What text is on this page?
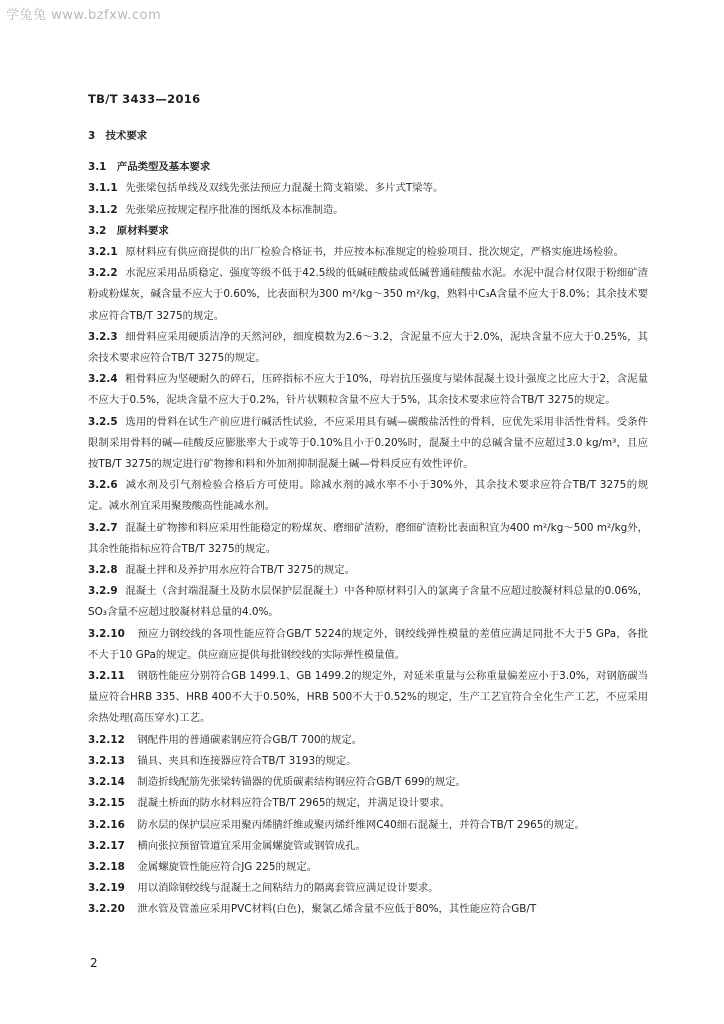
学兔兔 www.bzfxw.com
TB/T 3433—2016

3　技术要求

3.1　产品类型及基本要求

3.1.1 先张梁包括单线及双线先张法预应力混凝土简支箱梁、多片式T梁等。

3.1.2 先张梁应按规定程序批准的图纸及本标准制造。

3.2　原材料要求

3.2.1 原材料应有供应商提供的出厂检验合格证书，并应按本标准规定的检验项目、批次规定，严格实施进场检验。

3.2.2 水泥应采用品质稳定、强度等级不低于42.5级的低碱硅酸盐或低碱普通硅酸盐水泥。水泥中混合材仅限于粉细矿渣粉或粉煤灰，碱含量不应大于0.60%，比表面积为300 m²/kg～350 m²/kg，熟料中C₃A含量不应大于8.0%；其余技术要求应符合TB/T 3275的规定。

3.2.3 细骨料应采用硬质洁净的天然河砂，细度模数为2.6～3.2，含泥量不应大于2.0%，泥块含量不应大于0.25%，其余技术要求应符合TB/T 3275的规定。

3.2.4 粗骨料应为坚硬耐久的碎石，压碎指标不应大于10%，母岩抗压强度与梁体混凝土设计强度之比应大于2，含泥量不应大于0.5%，泥块含量不应大于0.2%，针片状颗粒含量不应大于5%，其余技术要求应符合TB/T 3275的规定。

3.2.5 选用的骨料在试生产前应进行碱活性试验，不应采用具有碱—碳酸盐活性的骨料，应优先采用非活性骨料。受条件限制采用骨料的碱—硅酸反应膨胀率大于或等于0.10%且小于0.20%时，混凝土中的总碱含量不应超过3.0 kg/m³，且应按TB/T 3275的规定进行矿物掺和料和外加剂抑制混凝土碱—骨料反应有效性评价。

3.2.6 减水剂及引气剂检验合格后方可使用。除减水剂的减水率不小于30%外，其余技术要求应符合TB/T 3275的规定。减水剂宜采用聚羧酸高性能减水剂。

3.2.7 混凝土矿物掺和料应采用性能稳定的粉煤灰、磨细矿渣粉，磨细矿渣粉比表面积宜为400 m²/kg～500 m²/kg外，其余性能指标应符合TB/T 3275的规定。

3.2.8 混凝土拌和及养护用水应符合TB/T 3275的规定。

3.2.9 混凝土（含封端混凝土及防水层保护层混凝土）中各种原材料引入的氯离子含量不应超过胶凝材料总量的0.06%，SO₃含量不应超过胶凝材料总量的4.0%。

3.2.10 预应力钢绞线的各项性能应符合GB/T 5224的规定外，钢绞线弹性模量的差值应满足同批不大于5 GPa，各批不大于10 GPa的规定。供应商应提供每批钢绞线的实际弹性模量值。

3.2.11 钢筋性能应分别符合GB 1499.1、GB 1499.2的规定外，对延米重量与公称重量偏差应小于3.0%，对钢筋碳当量应符合HRB 335、HRB 400不大于0.50%，HRB 500不大于0.52%的规定，生产工艺宜符合全化生产工艺，不应采用余热处理(高压穿水)工艺。

3.2.12 钢配件用的普通碳素钢应符合GB/T 700的规定。

3.2.13 锚具、夹具和连接器应符合TB/T 3193的规定。

3.2.14 制造折线配筋先张梁转锚器的优质碳素结构钢应符合GB/T 699的规定。

3.2.15 混凝土桥面的防水材料应符合TB/T 2965的规定，并满足设计要求。

3.2.16 防水层的保护层应采用聚丙烯腈纤维或聚丙烯纤维网C40细石混凝土，并符合TB/T 2965的规定。

3.2.17 横向张拉预留管道宜采用金属螺旋管或钢管成孔。

3.2.18 金属螺旋管性能应符合JG 225的规定。

3.2.19 用以消除钢绞线与混凝土之间粘结力的隔离套管应满足设计要求。

3.2.20 泄水管及管盖应采用PVC材料(白色)，聚氯乙烯含量不应低于80%，其性能应符合GB/T

2
